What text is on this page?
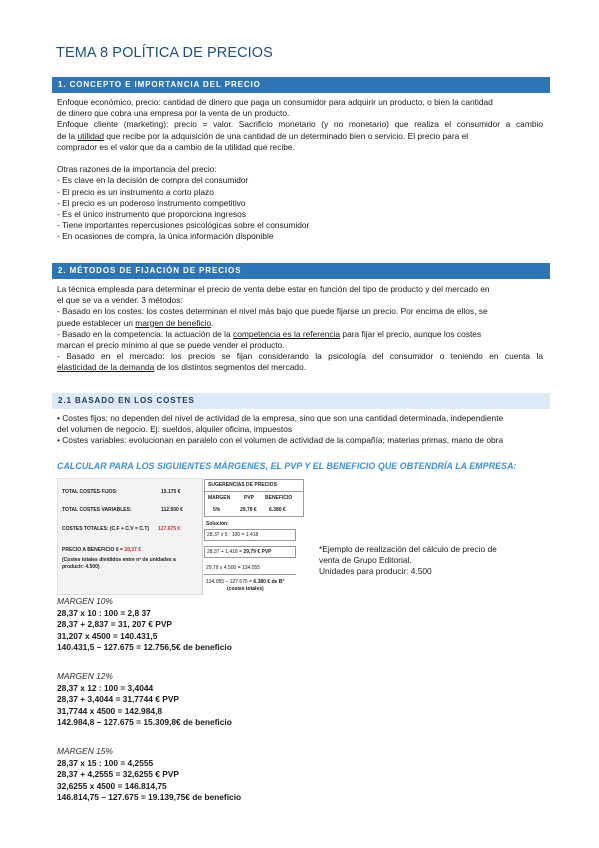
TEMA 8 POLÍTICA DE PRECIOS
1. CONCEPTO E IMPORTANCIA DEL PRECIO
Enfoque económico, precio: cantidad de dinero que paga un consumidor para adquirir un producto, o bien la cantidad
de dinero que cobra una empresa por la venta de un producto.
Enfoque cliente (marketing): precio = valor. Sacrificio monetario (y no monetario) que realiza el consumidor a cambio
de la utilidad que recibe por la adquisición de una cantidad de un determinado bien o servicio. El precio para el
comprador es el valor que da a cambio de la utilidad que recibe.

Otras razones de la importancia del precio:
- Es clave en la decisión de compra del consumidor
- El precio es un instrumento a corto plazo
- El precio es un poderoso instrumento competitivo
- Es el único instrumento que proporciona ingresos
- Tiene importantes repercusiones psicológicas sobre el consumidor
- En ocasiones de compra, la única información disponible
2. MÉTODOS DE FIJACIÓN DE PRECIOS
La técnica empleada para determinar el precio de venta debe estar en función del tipo de producto y del mercado en
el que se va a vender. 3 métodos:
- Basado en los costes: los costes determinan el nivel más bajo que puede fijarse un precio. Por encima de ellos, se
puede establecer un margen de beneficio.
- Basado en la competencia: la actuación de la competencia es la referencia para fijar el precio, aunque los costes
marcan el precio mínimo al que se puede vender el producto.
- Basado en el mercado: los precios se fijan considerando la psicología del consumidor o teniendo en cuenta la
elasticidad de la demanda de los distintos segmentos del mercado.
2.1 BASADO EN LOS COSTES
• Costes fijos: no dependen del nivel de actividad de la empresa, sino que son una cantidad determinada, independiente
del volumen de negocio. Ej: sueldos, alquiler oficina, impuestos
• Costes variables: evolucionan en paralelo con el volumen de actividad de la compañía; materias primas, mano de obra
CALCULAR PARA LOS SIGUIENTES MÁRGENES, EL PVP Y EL BENEFICIO QUE OBTENDRÍA LA EMPRESA:
TOTAL COSTES FIJOS:	15.175 €
TOTAL COSTES VARIABLES:	112.500 €
COSTES TOTALES: (C.F + C.V = C.T) 127.675 €
PRECIO A BENEFICIO 0 = 28,37 €
(Costes totales divididos entre nº de unidades a
producir: 4.500)
SUGERENCIAS DE PRECIOS
MARGEN	PVP BENEFICIO
5%	29,79 € 6.380 €
Solución:
28,37 x 5 : 100 = 1,418
28,37 + 1,418 = 29,79 € PVP
29,79 x 4.500 = 134.055
134.055 – 127.675 = 6.380 € de B°
(costes totales)
*Ejemplo de realización del cálculo de precio de
venta de Grupo Editorial.
Unidades para producir: 4.500
MARGEN 10%
28,37 x 10 : 100 = 2,8 37
28,37 + 2,837 = 31, 207 € PVP
31,207 x 4500 = 140.431,5
140.431,5 – 127.675 = 12.756,5€ de beneficio
MARGEN 12%
28,37 x 12 : 100 = 3,4044
28,37 + 3,4044 = 31,7744 € PVP
31,7744 x 4500 = 142.984,8
142.984,8 – 127.675 = 15.309,8€ de beneficio
MARGEN 15%
28,37 x 15 : 100 = 4,2555
28,37 + 4,2555 = 32,6255 € PVP
32,6255 x 4500 = 146.814,75
146.814,75 – 127.675 = 19.139,75€ de beneficio
